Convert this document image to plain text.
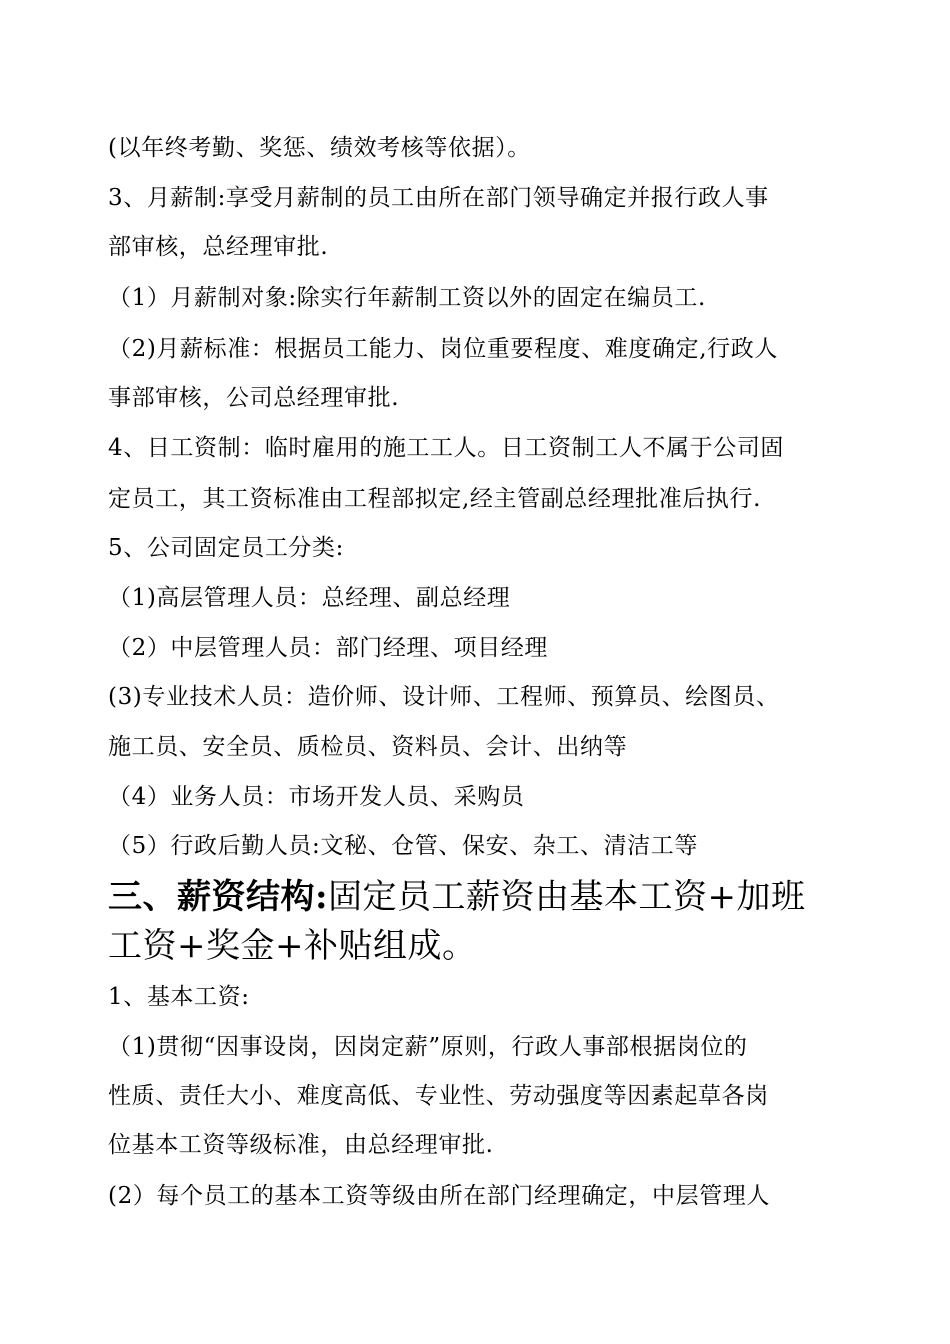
(以年终考勤、奖惩、绩效考核等依据）。
3、月薪制:享受月薪制的员工由所在部门领导确定并报行政人事
部审核，总经理审批.
（1）月薪制对象:除实行年薪制工资以外的固定在编员工.
（2)月薪标准：根据员工能力、岗位重要程度、难度确定,行政人
事部审核，公司总经理审批.
4、日工资制：临时雇用的施工工人。日工资制工人不属于公司固
定员工，其工资标准由工程部拟定,经主管副总经理批准后执行.
5、公司固定员工分类:
（1)高层管理人员：总经理、副总经理
（2）中层管理人员：部门经理、项目经理
(3)专业技术人员：造价师、设计师、工程师、预算员、绘图员、
施工员、安全员、质检员、资料员、会计、出纳等
（4）业务人员：市场开发人员、采购员
（5）行政后勤人员:文秘、仓管、保安、杂工、清洁工等
三、薪资结构:固定员工薪资由基本工资+加班
工资+奖金+补贴组成。
1、基本工资:
（1)贯彻“因事设岗，因岗定薪”原则，行政人事部根据岗位的
性质、责任大小、难度高低、专业性、劳动强度等因素起草各岗
位基本工资等级标准，由总经理审批.
(2）每个员工的基本工资等级由所在部门经理确定，中层管理人
